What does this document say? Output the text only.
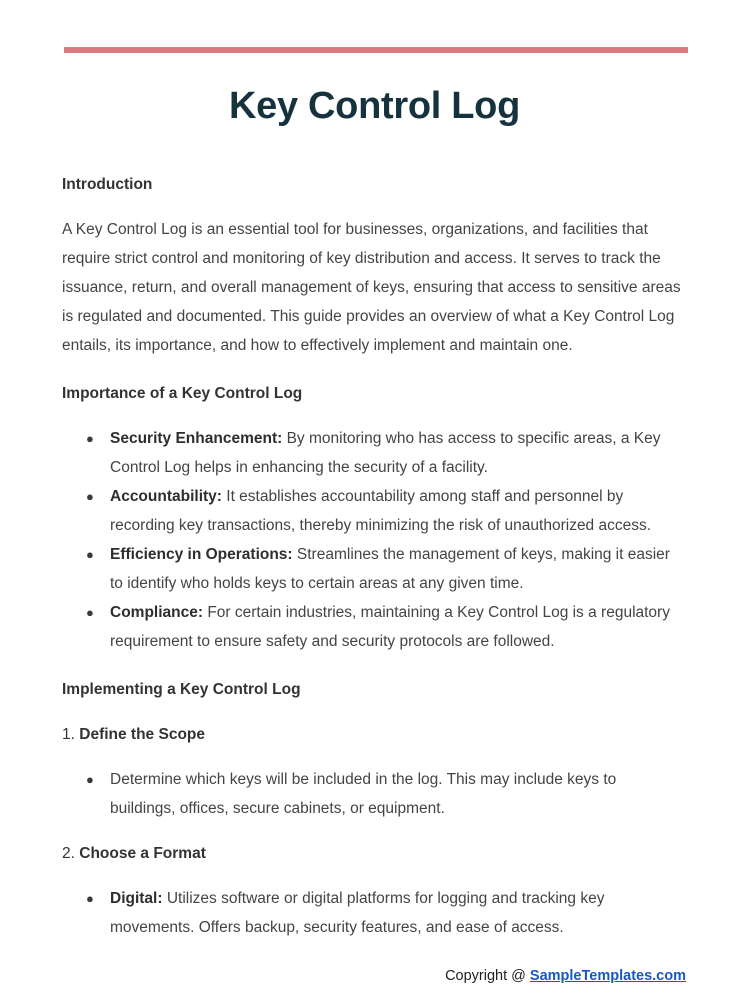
Key Control Log

Introduction

A Key Control Log is an essential tool for businesses, organizations, and facilities that require strict control and monitoring of key distribution and access. It serves to track the issuance, return, and overall management of keys, ensuring that access to sensitive areas is regulated and documented. This guide provides an overview of what a Key Control Log entails, its importance, and how to effectively implement and maintain one.

Importance of a Key Control Log

● Security Enhancement: By monitoring who has access to specific areas, a Key Control Log helps in enhancing the security of a facility.
● Accountability: It establishes accountability among staff and personnel by recording key transactions, thereby minimizing the risk of unauthorized access.
● Efficiency in Operations: Streamlines the management of keys, making it easier to identify who holds keys to certain areas at any given time.
● Compliance: For certain industries, maintaining a Key Control Log is a regulatory requirement to ensure safety and security protocols are followed.

Implementing a Key Control Log

1. Define the Scope

● Determine which keys will be included in the log. This may include keys to buildings, offices, secure cabinets, or equipment.

2. Choose a Format

● Digital: Utilizes software or digital platforms for logging and tracking key movements. Offers backup, security features, and ease of access.
Copyright @ SampleTemplates.com
